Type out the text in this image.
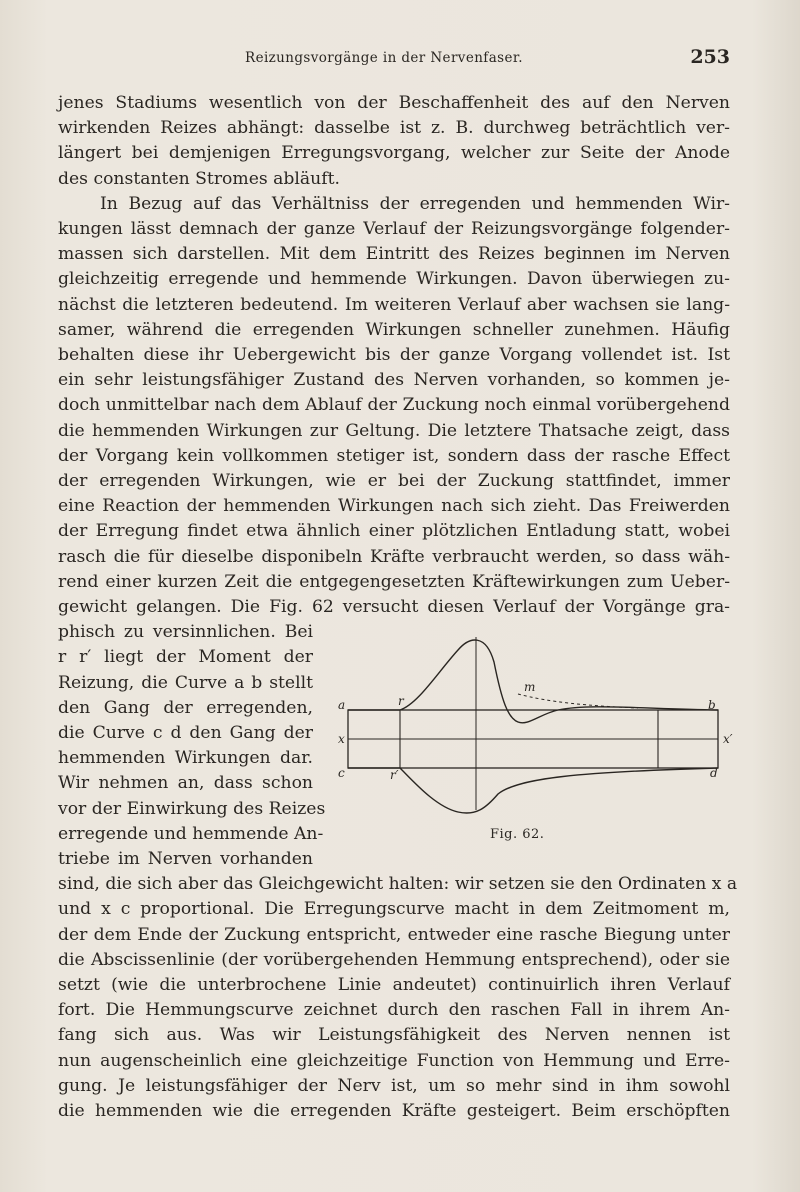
Reizungsvorgänge in der Nervenfaser.	253
jenes Stadiums wesentlich von der Beschaffenheit des auf den Nerven
wirkenden Reizes abhängt: dasselbe ist z. B. durchweg beträchtlich ver-
längert bei demjenigen Erregungsvorgang, welcher zur Seite der Anode
des constanten Stromes abläuft.
In Bezug auf das Verhältniss der erregenden und hemmenden Wir-
kungen lässt demnach der ganze Verlauf der Reizungsvorgänge folgender-
massen sich darstellen. Mit dem Eintritt des Reizes beginnen im Nerven
gleichzeitig erregende und hemmende Wirkungen. Davon überwiegen zu-
nächst die letzteren bedeutend. Im weiteren Verlauf aber wachsen sie lang-
samer, während die erregenden Wirkungen schneller zunehmen. Häufig
behalten diese ihr Uebergewicht bis der ganze Vorgang vollendet ist. Ist
ein sehr leistungsfähiger Zustand des Nerven vorhanden, so kommen je-
doch unmittelbar nach dem Ablauf der Zuckung noch einmal vorübergehend
die hemmenden Wirkungen zur Geltung. Die letztere Thatsache zeigt, dass
der Vorgang kein vollkommen stetiger ist, sondern dass der rasche Effect
der erregenden Wirkungen, wie er bei der Zuckung stattfindet, immer
eine Reaction der hemmenden Wirkungen nach sich zieht. Das Freiwerden
der Erregung findet etwa ähnlich einer plötzlichen Entladung statt, wobei
rasch die für dieselbe disponibeln Kräfte verbraucht werden, so dass wäh-
rend einer kurzen Zeit die entgegengesetzten Kräftewirkungen zum Ueber-
gewicht gelangen. Die Fig. 62 versucht diesen Verlauf der Vorgänge gra-
phisch zu versinnlichen. Bei
r r′ liegt der Moment der
Reizung, die Curve a b stellt
den Gang der erregenden,
die Curve c d den Gang der
hemmenden Wirkungen dar.
Wir nehmen an, dass schon
vor der Einwirkung des Reizes
erregende und hemmende An-
triebe im Nerven vorhanden
sind, die sich aber das Gleichgewicht halten: wir setzen sie den Ordinaten x a
und x c proportional. Die Erregungscurve macht in dem Zeitmoment m,
der dem Ende der Zuckung entspricht, entweder eine rasche Biegung unter
die Abscissenlinie (der vorübergehenden Hemmung entsprechend), oder sie
setzt (wie die unterbrochene Linie andeutet) continuirlich ihren Verlauf
fort. Die Hemmungscurve zeichnet durch den raschen Fall in ihrem An-
fang sich aus. Was wir Leistungsfähigkeit des Nerven nennen ist
nun augenscheinlich eine gleichzeitige Function von Hemmung und Erre-
gung. Je leistungsfähiger der Nerv ist, um so mehr sind in ihm sowohl
die hemmenden wie die erregenden Kräfte gesteigert. Beim erschöpften
a	b
x	x′
c	d
r
r′
m
Fig. 62.
